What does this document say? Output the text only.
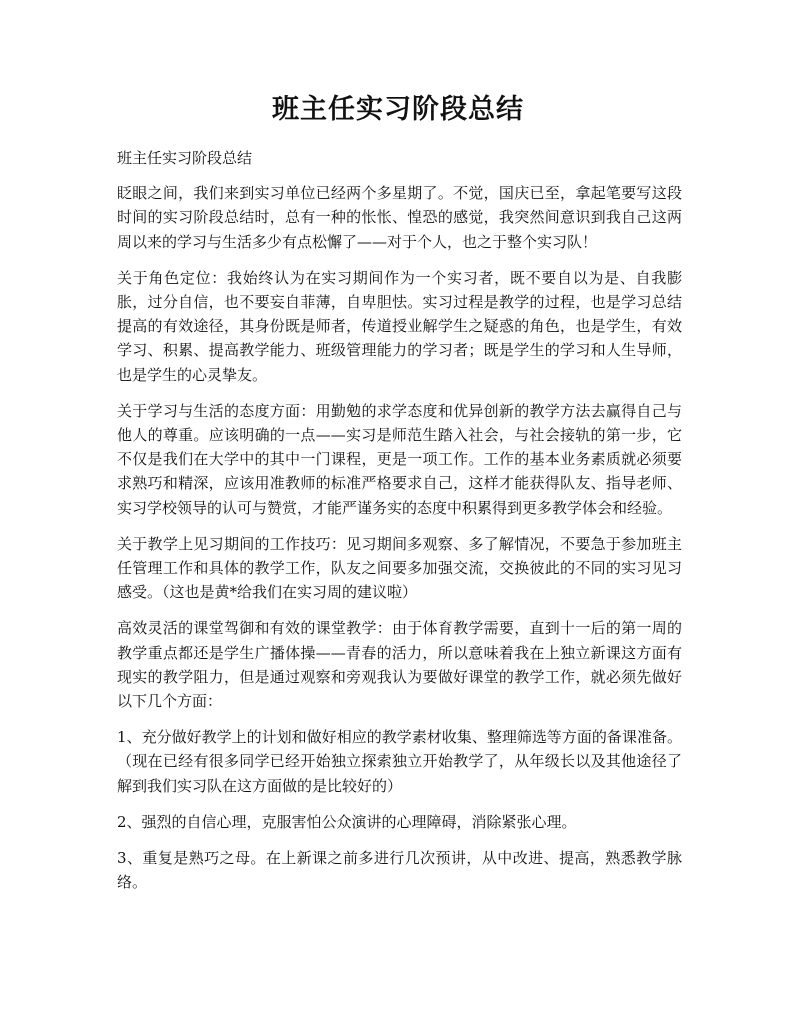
班主任实习阶段总结

班主任实习阶段总结

眨眼之间，我们来到实习单位已经两个多星期了。不觉，国庆已至，拿起笔要写这段时间的实习阶段总结时，总有一种的怅怅、惶恐的感觉，我突然间意识到我自己这两周以来的学习与生活多少有点松懈了——对于个人，也之于整个实习队！

关于角色定位：我始终认为在实习期间作为一个实习者，既不要自以为是、自我膨胀，过分自信，也不要妄自菲薄，自卑胆怯。实习过程是教学的过程，也是学习总结提高的有效途径，其身份既是师者，传道授业解学生之疑惑的角色，也是学生，有效学习、积累、提高教学能力、班级管理能力的学习者；既是学生的学习和人生导师，也是学生的心灵挚友。

关于学习与生活的态度方面：用勤勉的求学态度和优异创新的教学方法去赢得自己与他人的尊重。应该明确的一点——实习是师范生踏入社会，与社会接轨的第一步，它不仅是我们在大学中的其中一门课程，更是一项工作。工作的基本业务素质就必须要求熟巧和精深，应该用准教师的标准严格要求自己，这样才能获得队友、指导老师、实习学校领导的认可与赞赏，才能严谨务实的态度中积累得到更多教学体会和经验。

关于教学上见习期间的工作技巧：见习期间多观察、多了解情况，不要急于参加班主任管理工作和具体的教学工作，队友之间要多加强交流，交换彼此的不同的实习见习感受。（这也是黄*给我们在实习周的建议啦）

高效灵活的课堂驾御和有效的课堂教学：由于体育教学需要，直到十一后的第一周的教学重点都还是学生广播体操——青春的活力，所以意味着我在上独立新课这方面有现实的教学阻力，但是通过观察和旁观我认为要做好课堂的教学工作，就必须先做好以下几个方面：

1、充分做好教学上的计划和做好相应的教学素材收集、整理筛选等方面的备课准备。（现在已经有很多同学已经开始独立探索独立开始教学了，从年级长以及其他途径了解到我们实习队在这方面做的是比较好的）

2、强烈的自信心理，克服害怕公众演讲的心理障碍，消除紧张心理。

3、重复是熟巧之母。在上新课之前多进行几次预讲，从中改进、提高，熟悉教学脉络。
